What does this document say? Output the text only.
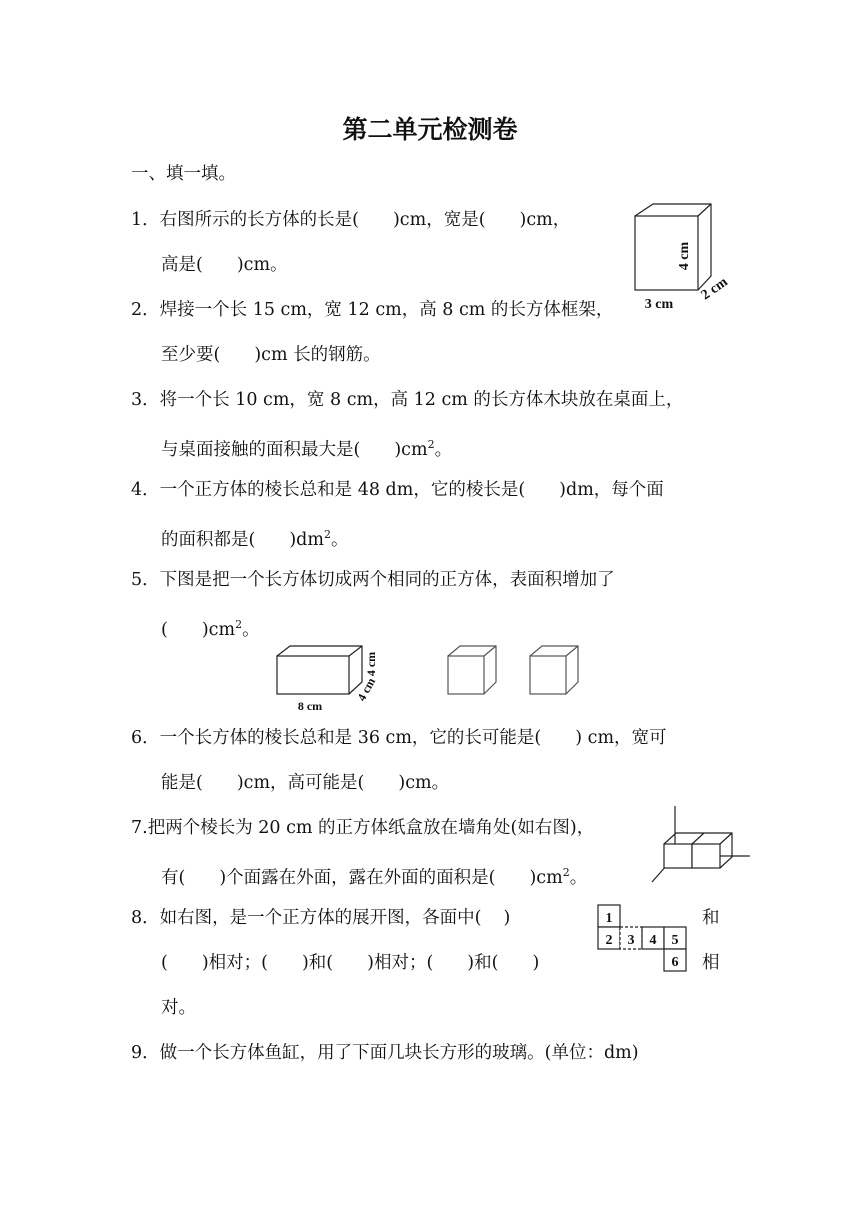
第二单元检测卷
一、填一填。
1．右图所示的长方体的长是( )cm，宽是( )cm，
高是( )cm。	4 cm
3 cm
2 cm
2．焊接一个长 15 cm，宽 12 cm，高 8 cm 的长方体框架，
至少要( )cm 长的钢筋。
3．将一个长 10 cm，宽 8 cm，高 12 cm 的长方体木块放在桌面上，
与桌面接触的面积最大是( )$cm^2$。
4．一个正方体的棱长总和是 48 dm，它的棱长是( )dm，每个面
的面积都是( )$dm^2$。
5．下图是把一个长方体切成两个相同的正方体，表面积增加了
( )$cm^2$。
8 cm
4 cm
4 cm
6．一个长方体的棱长总和是 36 cm，它的长可能是( ) cm，宽可
能是( )cm，高可能是( )cm。
7.把两个棱长为 20 cm 的正方体纸盒放在墙角处(如右图)，
有( )个面露在外面，露在外面的面积是( )$cm^2$。
8．如右图，是一个正方体的展开图，各面中( )	和
( )相对；( )和( )相对；( )和( )	相
对。
1
2 3 4 5
6
9．做一个长方体鱼缸，用了下面几块长方形的玻璃。(单位：dm)
